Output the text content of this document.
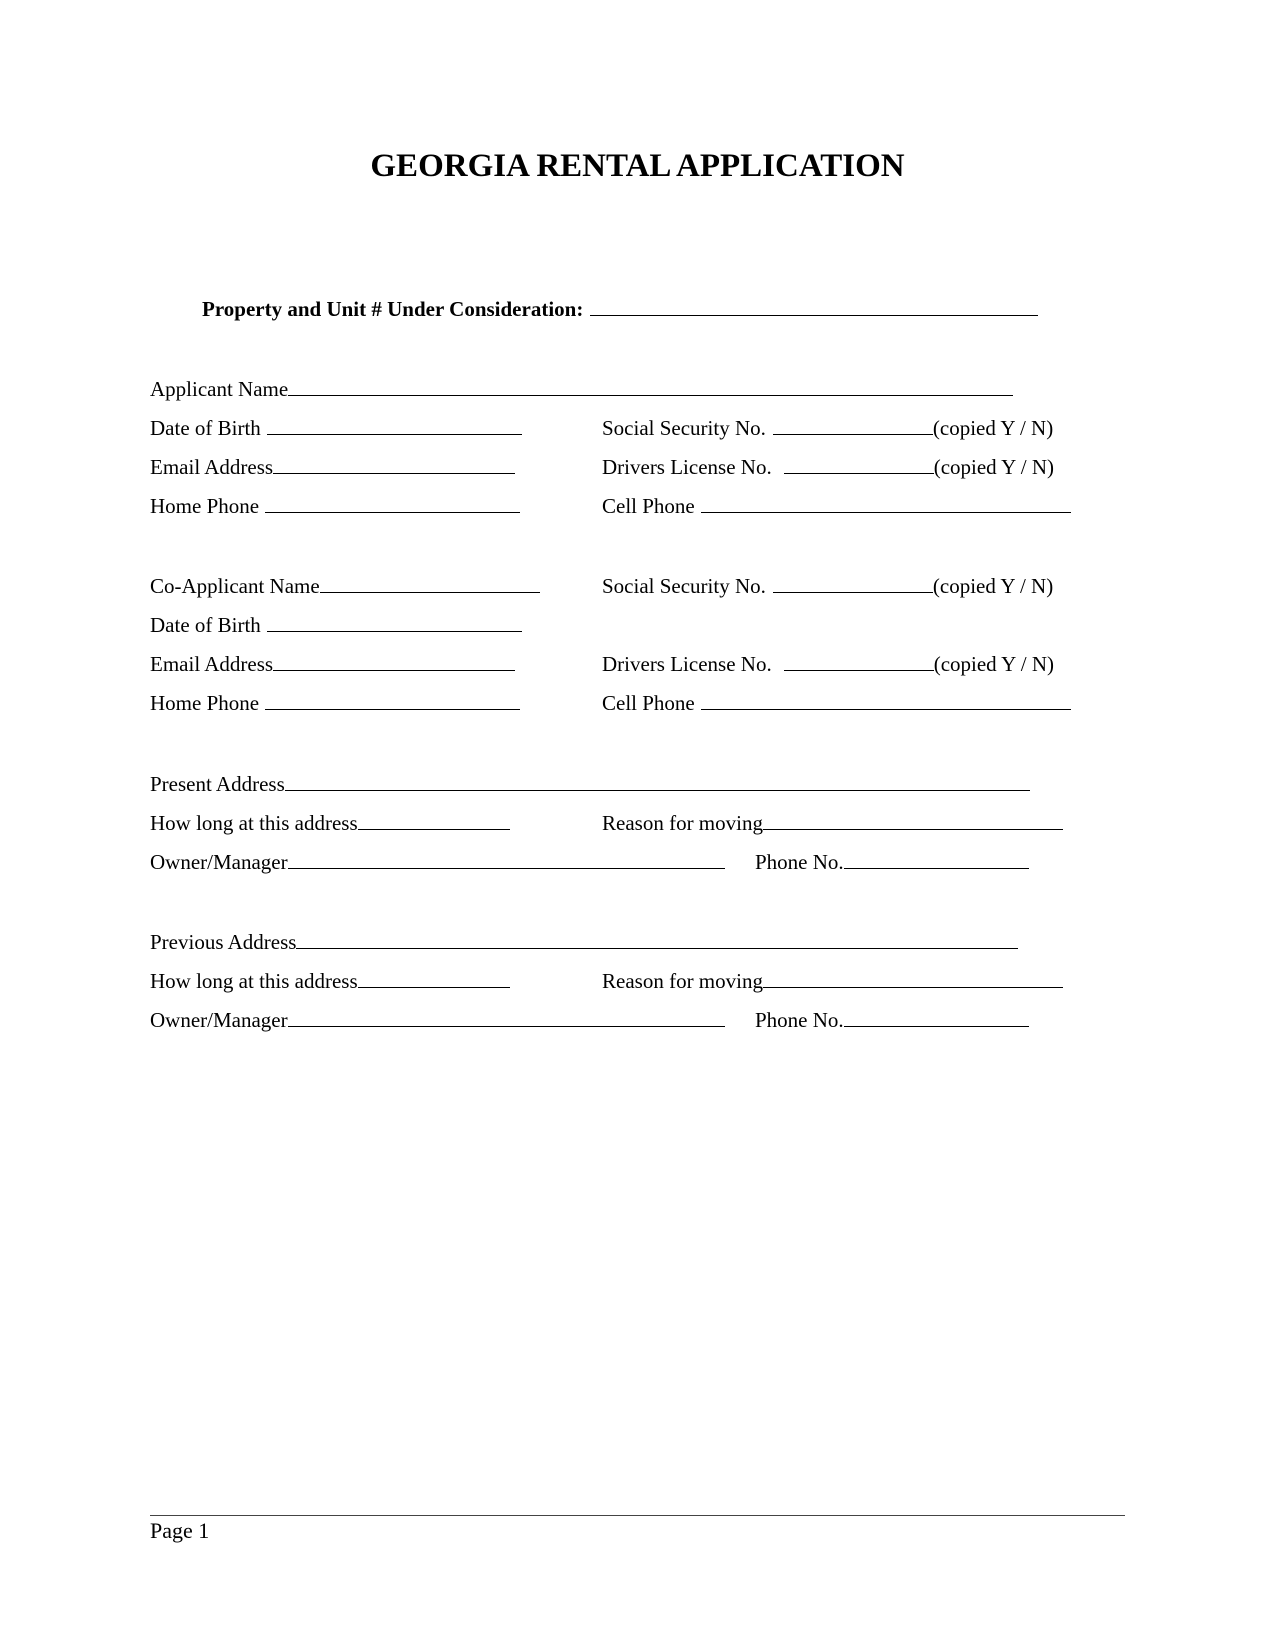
GEORGIA RENTAL APPLICATION
Property and Unit # Under Consideration:
Applicant Name
Date of Birth	Social Security No.	(copied Y / N)
Email Address	Drivers License No.	(copied Y / N)
Home Phone	Cell Phone
Co-Applicant Name	Social Security No.	(copied Y / N)
Date of Birth
Email Address	Drivers License No.	(copied Y / N)
Home Phone	Cell Phone
Present Address
How long at this address	Reason for moving
Owner/Manager	Phone No.
Previous Address
How long at this address	Reason for moving
Owner/Manager	Phone No.
Page 1
